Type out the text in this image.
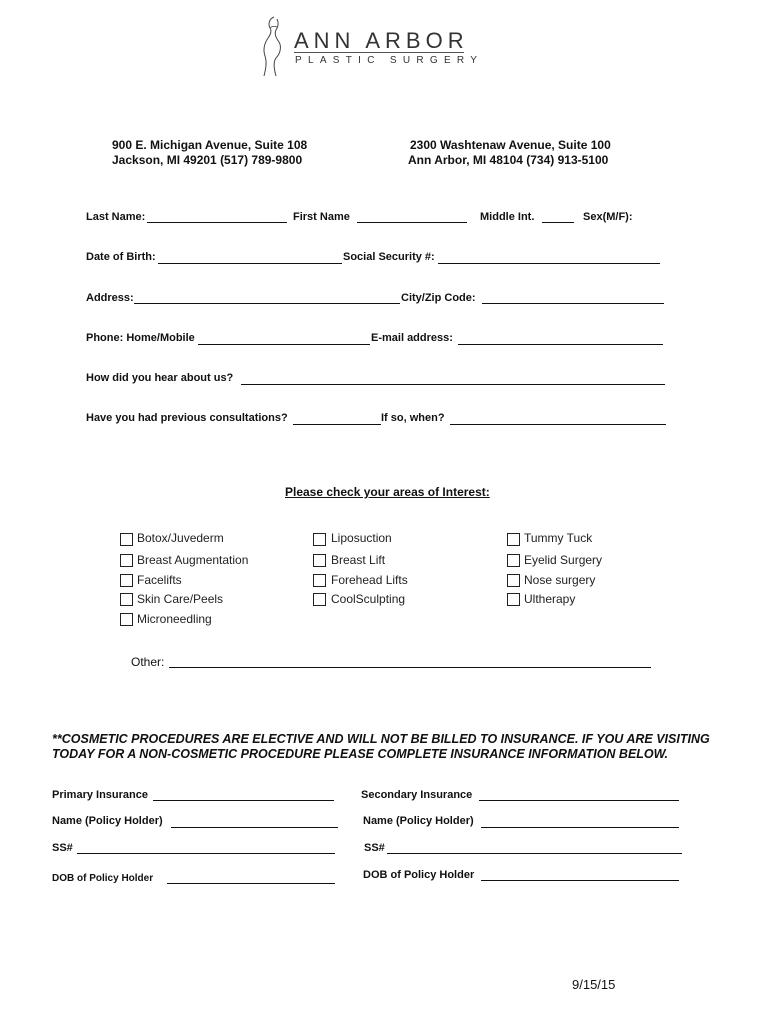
ANN ARBOR
PLASTIC SURGERY
900 E. Michigan Avenue, Suite 108
Jackson, MI 49201 (517) 789-9800
2300 Washtenaw Avenue, Suite 100
Ann Arbor, MI 48104 (734) 913-5100
Last Name:	First Name	Middle Int.	Sex(M/F):
Date of Birth:	Social Security #:
Address:	City/Zip Code:
Phone: Home/Mobile	E-mail address:
How did you hear about us?
Have you had previous consultations?	If so, when?
Please check your areas of Interest:
Botox/Juvederm
Breast Augmentation
Facelifts
Skin Care/Peels
Microneedling
Liposuction
Breast Lift
Forehead Lifts
CoolSculpting
Tummy Tuck
Eyelid Surgery
Nose surgery
Ultherapy
Other:
**COSMETIC PROCEDURES ARE ELECTIVE AND WILL NOT BE BILLED TO INSURANCE. IF YOU ARE VISITING
TODAY FOR A NON-COSMETIC PROCEDURE PLEASE COMPLETE INSURANCE INFORMATION BELOW.
Primary Insurance	Secondary Insurance
Name (Policy Holder)	Name (Policy Holder)
SS#	SS#
DOB of Policy Holder	DOB of Policy Holder
9/15/15
